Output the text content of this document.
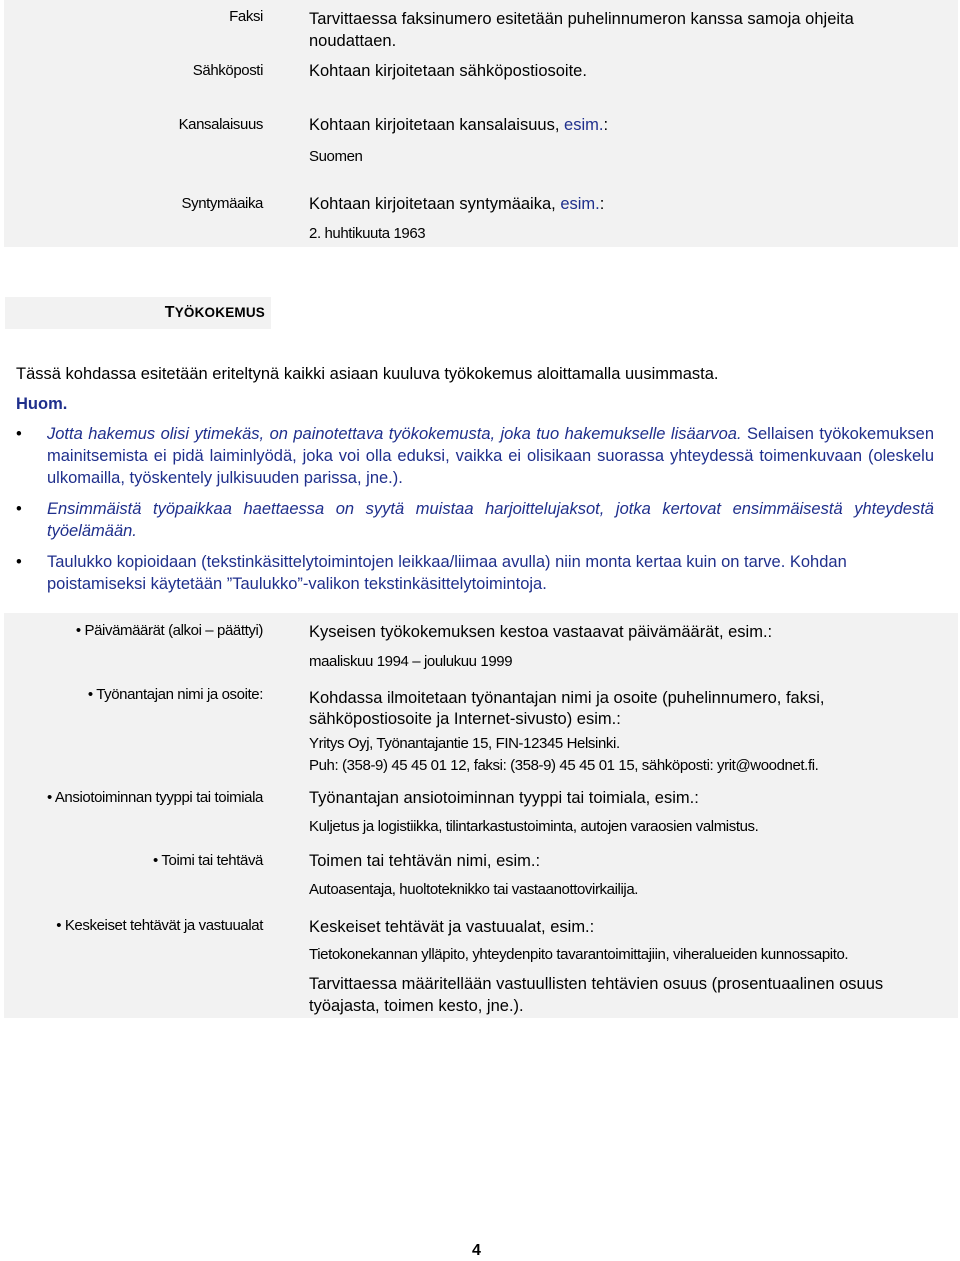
Faksi	Tarvittaessa faksinumero esitetään puhelinnumeron kanssa samoja ohjeita noudattaen.
Sähköposti	Kohtaan kirjoitetaan sähköpostiosoite.
Kansalaisuus	Kohtaan kirjoitetaan kansalaisuus, esim.:
Suomen
Syntymäaika	Kohtaan kirjoitetaan syntymäaika, esim.:
2. huhtikuuta 1963
TYÖKOKEMUS
Tässä kohdassa esitetään eriteltynä kaikki asiaan kuuluva työkokemus aloittamalla uusimmasta.
Huom.
• Jotta hakemus olisi ytimekäs, on painotettava työkokemusta, joka tuo hakemukselle lisäarvoa. Sellaisen työkokemuksen mainitsemista ei pidä laiminlyödä, joka voi olla eduksi, vaikka ei olisikaan suorassa yhteydessä toimenkuvaan (oleskelu ulkomailla, työskentely julkisuuden parissa, jne.).
• Ensimmäistä työpaikkaa haettaessa on syytä muistaa harjoittelujaksot, jotka kertovat ensimmäisestä yhteydestä työelämään.
• Taulukko kopioidaan (tekstinkäsittelytoimintojen leikkaa/liimaa avulla) niin monta kertaa kuin on tarve. Kohdan poistamiseksi käytetään ”Taulukko”-valikon tekstinkäsittelytoimintoja.
• Päivämäärät (alkoi – päättyi)	Kyseisen työkokemuksen kestoa vastaavat päivämäärät, esim.:
maaliskuu 1994 – joulukuu 1999
• Työnantajan nimi ja osoite:	Kohdassa ilmoitetaan työnantajan nimi ja osoite (puhelinnumero, faksi, sähköpostiosoite ja Internet-sivusto) esim.:
Yritys Oyj, Työnantajantie 15, FIN-12345 Helsinki.
Puh: (358-9) 45 45 01 12, faksi: (358-9) 45 45 01 15, sähköposti: yrit@woodnet.fi.
• Ansiotoiminnan tyyppi tai toimiala	Työnantajan ansiotoiminnan tyyppi tai toimiala, esim.:
Kuljetus ja logistiikka, tilintarkastustoiminta, autojen varaosien valmistus.
• Toimi tai tehtävä	Toimen tai tehtävän nimi, esim.:
Autoasentaja, huoltoteknikko tai vastaanottovirkailija.
• Keskeiset tehtävät ja vastuualat	Keskeiset tehtävät ja vastuualat, esim.:
Tietokonekannan ylläpito, yhteydenpito tavarantoimittajiin, viheralueiden kunnossapito.
Tarvittaessa määritellään vastuullisten tehtävien osuus (prosentuaalinen osuus työajasta, toimen kesto, jne.).
4
